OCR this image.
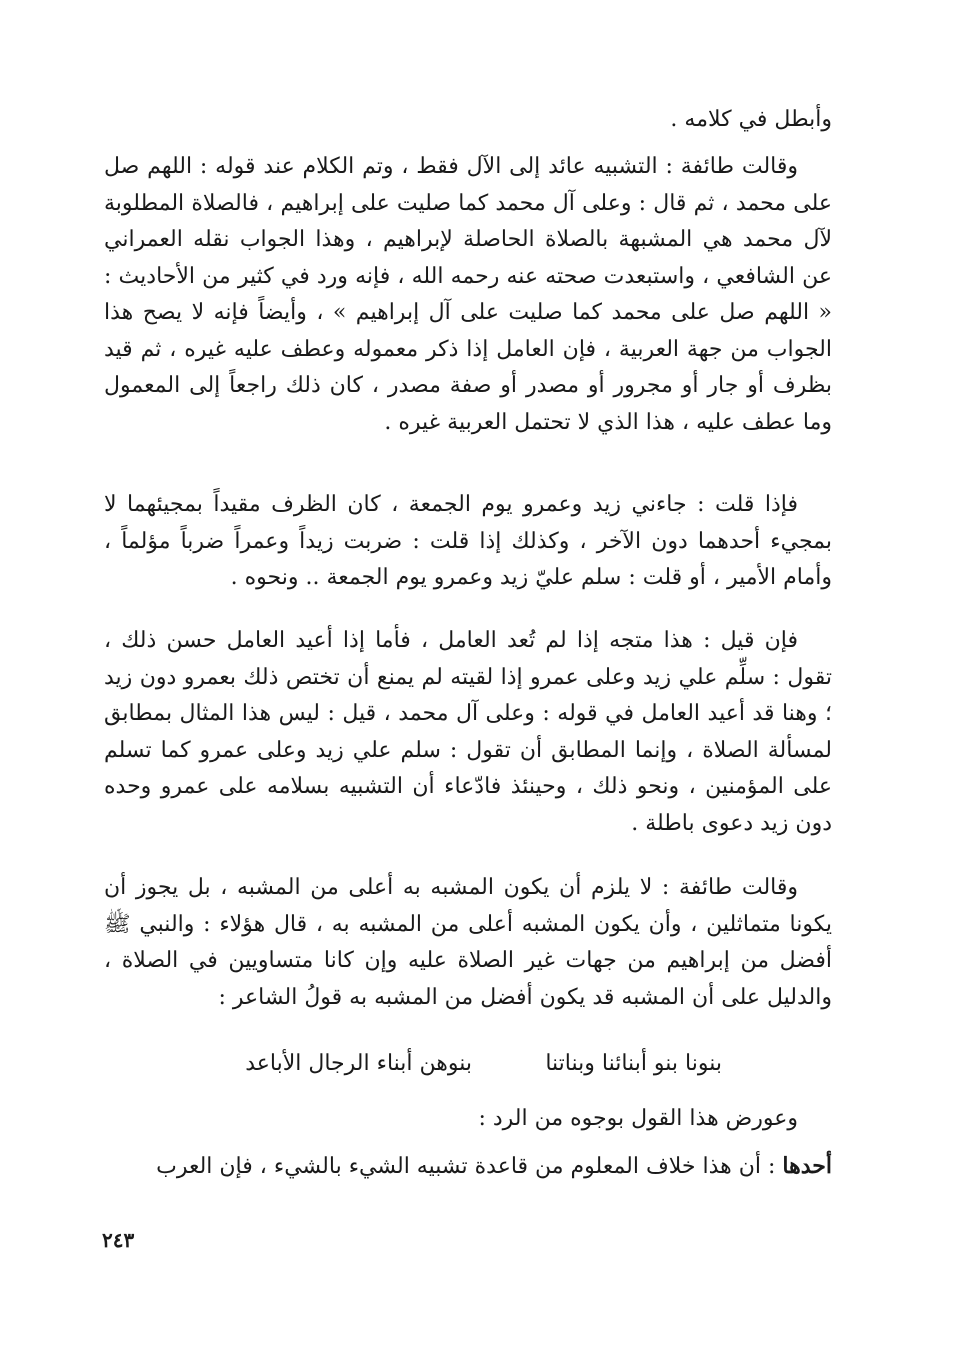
وأبطل في كلامه .

وقالت طائفة : التشبيه عائد إلى الآل فقط ، وتم الكلام عند قوله : اللهم صل على محمد ، ثم قال : وعلى آل محمد كما صليت على إبراهيم ، فالصلاة المطلوبة لآل محمد هي المشبهة بالصلاة الحاصلة لإبراهيم ، وهذا الجواب نقله العمراني عن الشافعي ، واستبعدت صحته عنه رحمه الله ، فإنه ورد في كثير من الأحاديث : « اللهم صل على محمد كما صليت على آل إبراهيم » ، وأيضاً فإنه لا يصح هذا الجواب من جهة العربية ، فإن العامل إذا ذكر معموله وعطف عليه غيره ، ثم قيد بظرف أو جار أو مجرور أو مصدر أو صفة مصدر ، كان ذلك راجعاً إلى المعمول وما عطف عليه ، هذا الذي لا تحتمل العربية غيره .

فإذا قلت : جاءني زيد وعمرو يوم الجمعة ، كان الظرف مقيداً بمجيئهما لا بمجيء أحدهما دون الآخر ، وكذلك إذا قلت : ضربت زيداً وعمراً ضرباً مؤلماً ، وأمام الأمير ، أو قلت : سلم عليّ زيد وعمرو يوم الجمعة .. ونحوه .

فإن قيل : هذا متجه إذا لم تُعد العامل ، فأما إذا أعيد العامل حسن ذلك ، تقول : سلِّم علي زيد وعلى عمرو إذا لقيته لم يمنع أن تختص ذلك بعمرو دون زيد ؛ وهنا قد أعيد العامل في قوله : وعلى آل محمد ، قيل : ليس هذا المثال بمطابق لمسألة الصلاة ، وإنما المطابق أن تقول : سلم علي زيد وعلى عمرو كما تسلم على المؤمنين ، ونحو ذلك ، وحينئذ فادّعاء أن التشبيه بسلامه على عمرو وحده دون زيد دعوى باطلة .

وقالت طائفة : لا يلزم أن يكون المشبه به أعلى من المشبه ، بل يجوز أن يكونا متماثلين ، وأن يكون المشبه أعلى من المشبه به ، قال هؤلاء : والنبي ﷺ أفضل من إبراهيم من جهات غير الصلاة عليه وإن كانا متساويين في الصلاة ، والدليل على أن المشبه قد يكون أفضل من المشبه به قولُ الشاعر :

بنونا بنو أبنائنا وبناتنا
بنوهن أبناء الرجال الأباعد

وعورض هذا القول بوجوه من الرد :

أحدها : أن هذا خلاف المعلوم من قاعدة تشبيه الشيء بالشيء ، فإن العرب

٢٤٣
